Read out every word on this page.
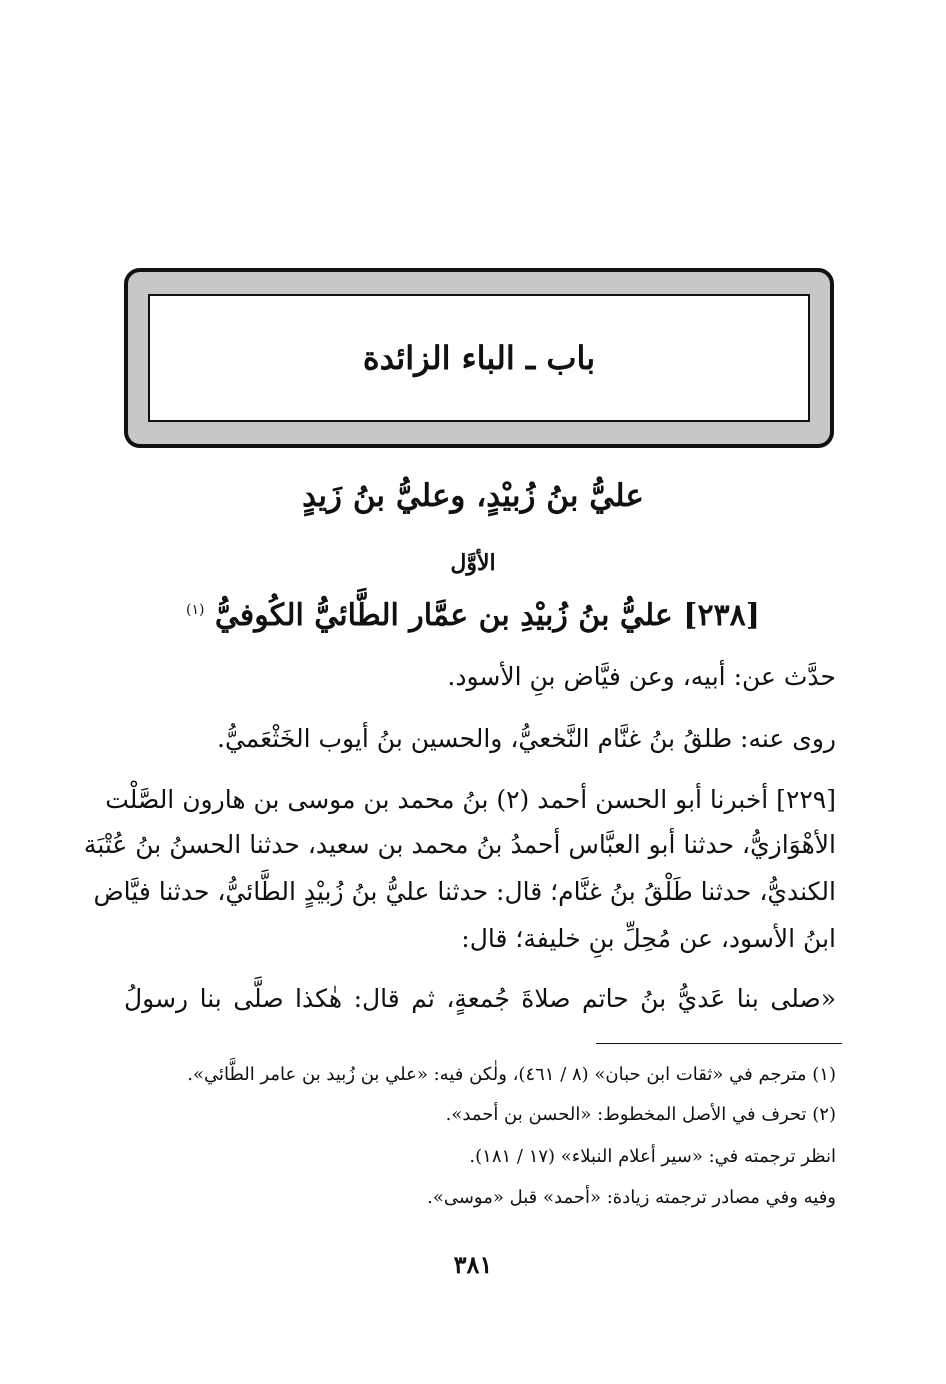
باب ـ الباء الزائدة
عليُّ بنُ زُبيْدٍ، وعليُّ بنُ زَيدٍ
الأوَّل
[٢٣٨] عليُّ بنُ زُبيْدِ بن عمَّار الطَّائيُّ الكُوفيُّ $^{(١)}$
حدَّث عن: أبيه، وعن فيَّاض بنِ الأسود.
روى عنه: طلقُ بنُ غنَّام النَّخعيُّ، والحسين بنُ أيوب الخَثْعَميُّ.
[٢٢٩] أخبرنا أبو الحسن أحمد (٢) بنُ محمد بن موسى بن هارون الصَّلْت
الأهْوَازيُّ، حدثنا أبو العبَّاس أحمدُ بنُ محمد بن سعيد، حدثنا الحسنُ بنُ عُتْبَة
الكنديُّ، حدثنا طَلْقُ بنُ غنَّام؛ قال: حدثنا عليُّ بنُ زُبيْدٍ الطَّائيُّ، حدثنا فيَّاض
ابنُ الأسود، عن مُحِلِّ بنِ خليفة؛ قال:
«صلى بنا عَديُّ بنُ حاتم صلاةَ جُمعةٍ، ثم قال: هٰكذا صلَّى بنا رسولُ
(١) مترجم في «ثقات ابن حبان» (٨ / ٤٦١)، ولٰكن فيه: «علي بن زُبيد بن عامر الطَّائي».
(٢) تحرف في الأصل المخطوط: «الحسن بن أحمد».
انظر ترجمته في: «سير أعلام النبلاء» (١٧ / ١٨١).
وفيه وفي مصادر ترجمته زيادة: «أحمد» قبل «موسى».
٣٨١
